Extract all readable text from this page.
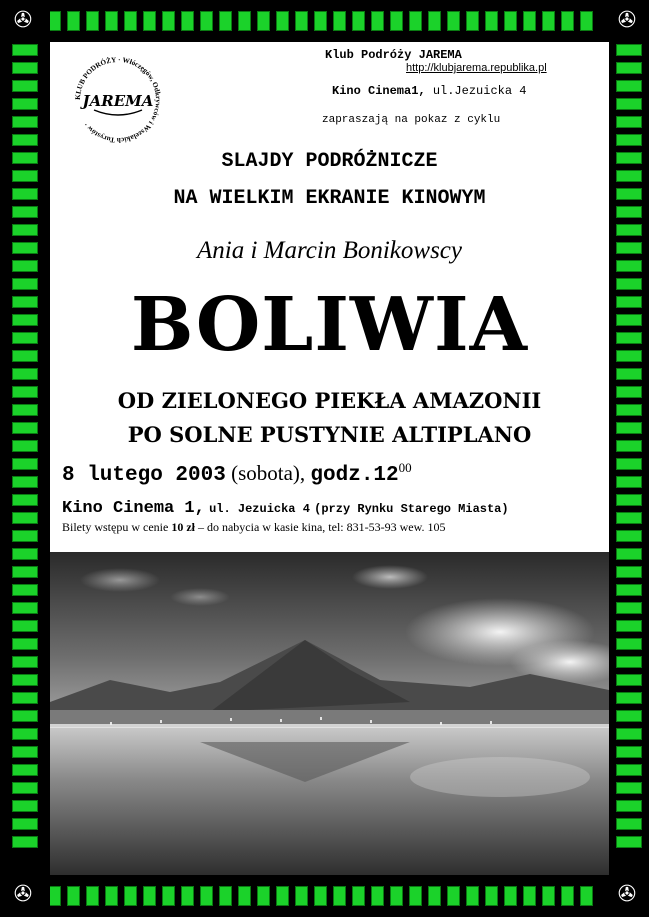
✇	✇
✇	✇
KLUB PODRÓŻY · Włóczęgów, Odkrywców i Wszelakich Turystów ·
JAREMA
Klub Podróży JAREMA
http://klubjarema.republika.pl
Kino Cinema1, ul.Jezuicka 4
zapraszają na pokaz z cyklu
SLAJDY PODRÓŻNICZE
NA WIELKIM EKRANIE KINOWYM
Ania i Marcin Bonikowscy
BOLIWIA
OD ZIELONEGO PIEKŁA AMAZONII
PO SOLNE PUSTYNIE ALTIPLANO
8 lutego 2003 (sobota), $godz.12^{00}$
Kino Cinema 1, ul. Jezuicka 4 (przy Rynku Starego Miasta)
Bilety wstępu w cenie 10 zł – do nabycia w kasie kina, tel: 831-53-93 wew. 105
